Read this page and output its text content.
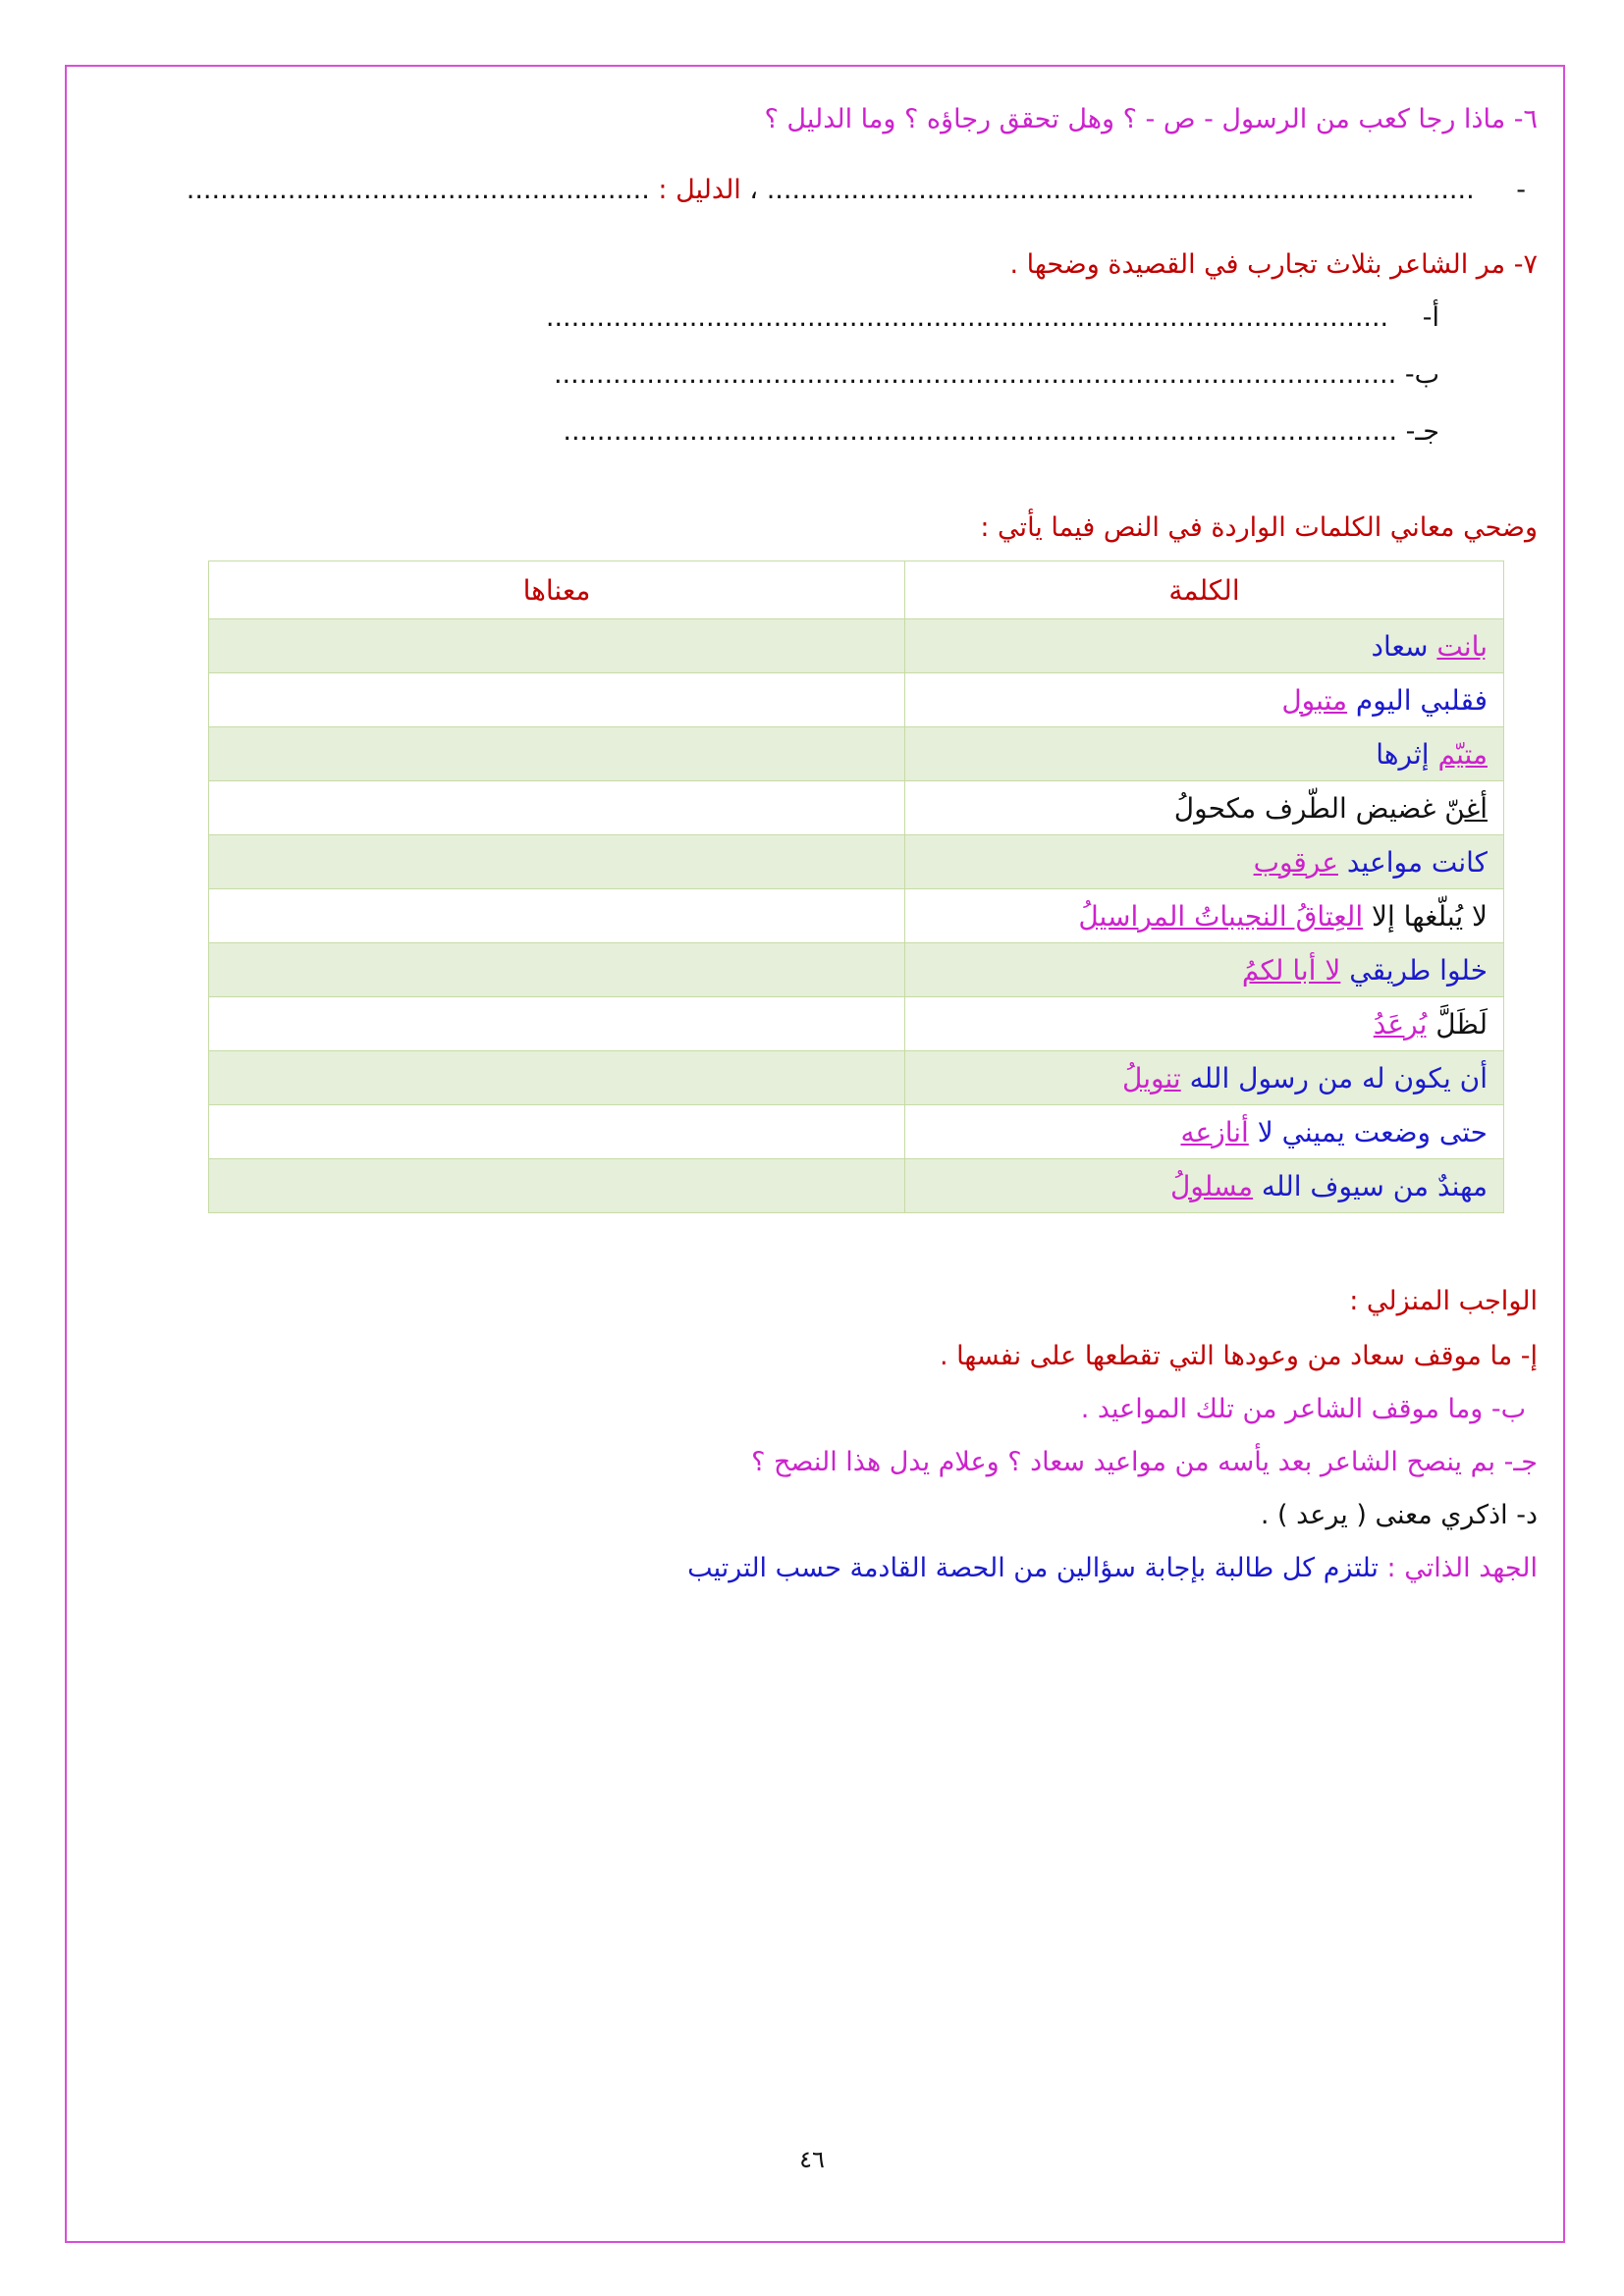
٦- ماذا رجا كعب من الرسول - ص - ؟ وهل تحقق رجاؤه ؟ وما الدليل ؟
- .................................................................................... ، الدليل : .......................................................
٧- مر الشاعر بثلاث تجارب في القصيدة وضحها .
أ- ....................................................................................................
ب- ....................................................................................................
جـ- ...................................................................................................
وضحي معاني الكلمات الواردة في النص فيما يأتي :
الكلمة	معناها
بانت سعاد	
فقلبي اليوم متبول	
متيّم إثرها	
أغنّ غضيض الطّرف مكحولُ	
كانت مواعيد عرقوب	
لا يُبلّغها إلا العِتاقُ النجيباتُ المراسيلُ	
خلوا طريقي لا أبا لكمُ	
لَظَلَّ يُرعَدُ	
أن يكون له من رسول الله تنويلُ	
حتى وضعت يميني لا أنازعه	
مهندٌ من سيوف الله مسلولُ	
الواجب المنزلي :
إ- ما موقف سعاد من وعودها التي تقطعها على نفسها .
ب- وما موقف الشاعر من تلك المواعيد .
جـ- بم ينصح الشاعر بعد يأسه من مواعيد سعاد ؟ وعلام يدل هذا النصح ؟
د- اذكري معنى ( يرعد ) .
الجهد الذاتي : تلتزم كل طالبة بإجابة سؤالين من الحصة القادمة حسب الترتيب
٤٦
